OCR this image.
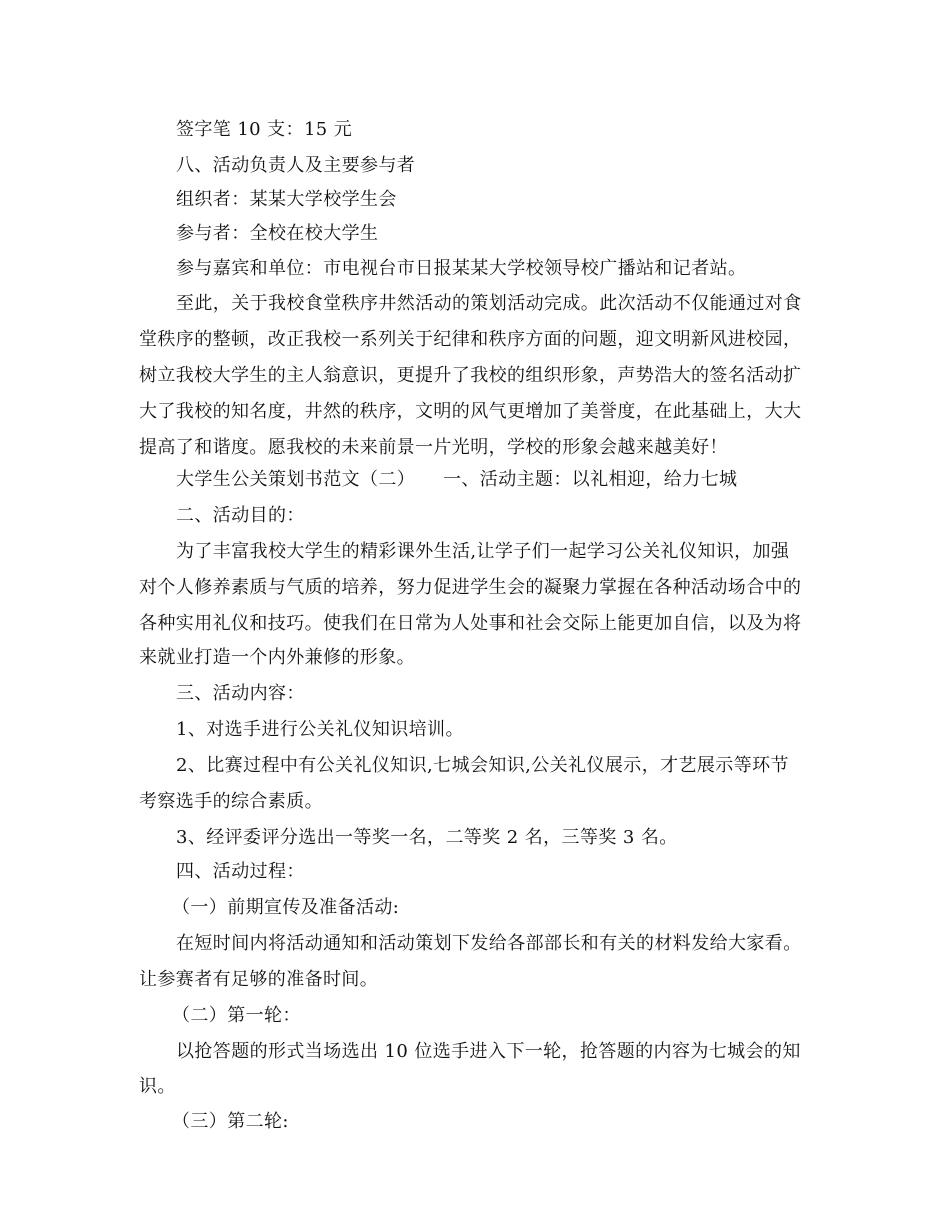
签字笔 10 支：15 元
八、活动负责人及主要参与者
组织者：某某大学校学生会
参与者：全校在校大学生
参与嘉宾和单位：市电视台市日报某某大学校领导校广播站和记者站。
至此，关于我校食堂秩序井然活动的策划活动完成。此次活动不仅能通过对食
堂秩序的整顿，改正我校一系列关于纪律和秩序方面的问题，迎文明新风进校园，
树立我校大学生的主人翁意识，更提升了我校的组织形象，声势浩大的签名活动扩
大了我校的知名度，井然的秩序，文明的风气更增加了美誉度，在此基础上，大大
提高了和谐度。愿我校的未来前景一片光明，学校的形象会越来越美好！
大学生公关策划书范文（二）　　一、活动主题：以礼相迎，给力七城
二、活动目的：
为了丰富我校大学生的精彩课外生活,让学子们一起学习公关礼仪知识，加强
对个人修养素质与气质的培养，努力促进学生会的凝聚力掌握在各种活动场合中的
各种实用礼仪和技巧。使我们在日常为人处事和社会交际上能更加自信，以及为将
来就业打造一个内外兼修的形象。
三、活动内容：
1、对选手进行公关礼仪知识培训。
2、比赛过程中有公关礼仪知识,七城会知识,公关礼仪展示，才艺展示等环节
考察选手的综合素质。
3、经评委评分选出一等奖一名，二等奖 2 名，三等奖 3 名。
四、活动过程：
（一）前期宣传及准备活动:
在短时间内将活动通知和活动策划下发给各部部长和有关的材料发给大家看。
让参赛者有足够的准备时间。
（二）第一轮：
以抢答题的形式当场选出 10 位选手进入下一轮，抢答题的内容为七城会的知
识。
（三）第二轮:
